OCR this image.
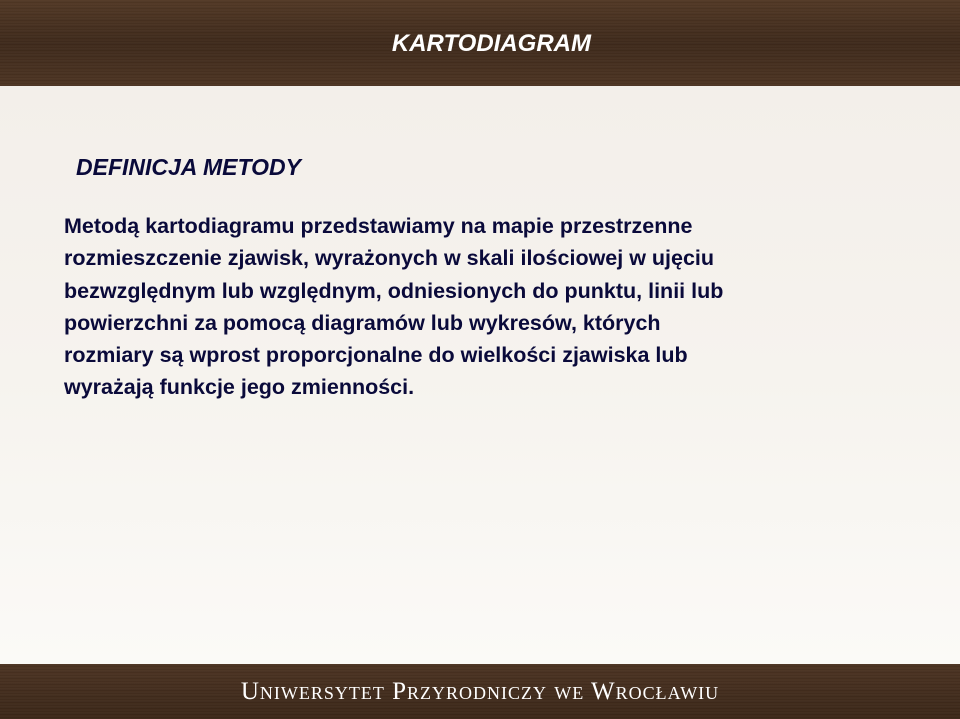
KARTODIAGRAM
DEFINICJA METODY

Metodą kartodiagramu przedstawiamy na mapie przestrzenne
rozmieszczenie zjawisk, wyrażonych w skali ilościowej w ujęciu
bezwzględnym lub względnym, odniesionych do punktu, linii lub
powierzchni za pomocą diagramów lub wykresów, których
rozmiary są wprost proporcjonalne do wielkości zjawiska lub
wyrażają funkcje jego zmienności.

Uniwersytet Przyrodniczy we Wrocławiu
